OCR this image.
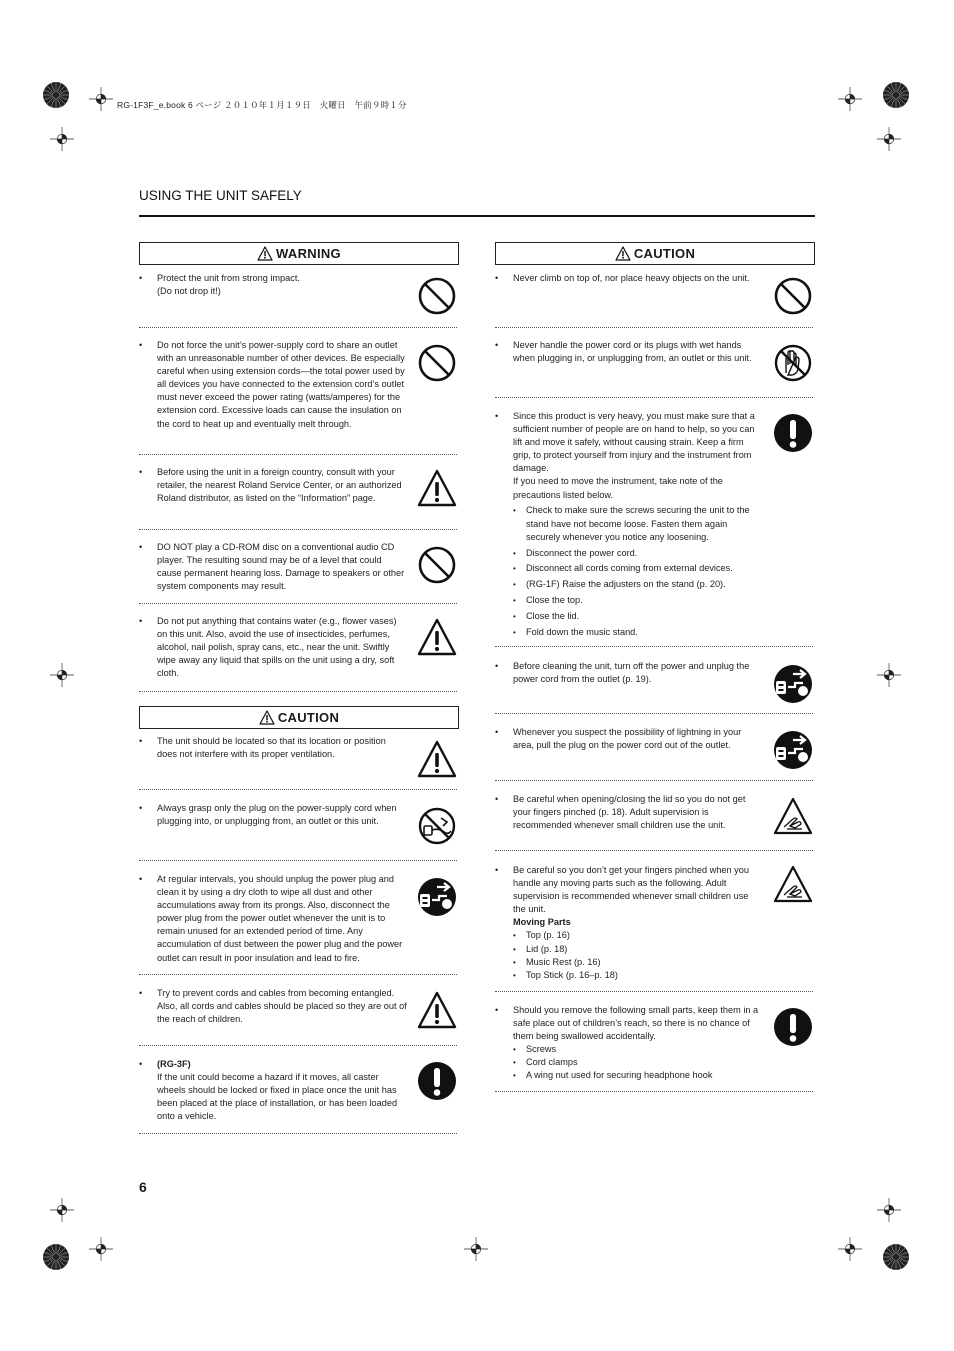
RG-1F3F_e.book 6 ページ ２０１０年１月１９日　火曜日　午前９時１分
USING THE UNIT SAFELY
WARNING
• Protect the unit from strong impact.
(Do not drop it!)
• Do not force the unit’s power-supply cord to share an outlet with an unreasonable number of other devices. Be especially careful when using extension cords—the total power used by all devices you have connected to the extension cord’s outlet must never exceed the power rating (watts/amperes) for the extension cord. Excessive loads can cause the insulation on the cord to heat up and eventually melt through.
• Before using the unit in a foreign country, consult with your retailer, the nearest Roland Service Center, or an authorized Roland distributor, as listed on the “Information” page.
• DO NOT play a CD-ROM disc on a conventional audio CD player. The resulting sound may be of a level that could cause permanent hearing loss. Damage to speakers or other system components may result.
• Do not put anything that contains water (e.g., flower vases) on this unit. Also, avoid the use of insecticides, perfumes, alcohol, nail polish, spray cans, etc., near the unit. Swiftly wipe away any liquid that spills on the unit using a dry, soft cloth.
CAUTION
• The unit should be located so that its location or position does not interfere with its proper ventilation.
• Always grasp only the plug on the power-supply cord when plugging into, or unplugging from, an outlet or this unit.
• At regular intervals, you should unplug the power plug and clean it by using a dry cloth to wipe all dust and other accumulations away from its prongs. Also, disconnect the power plug from the power outlet whenever the unit is to remain unused for an extended period of time. Any accumulation of dust between the power plug and the power outlet can result in poor insulation and lead to fire.
• Try to prevent cords and cables from becoming entangled. Also, all cords and cables should be placed so they are out of the reach of children.
• (RG-3F)
If the unit could become a hazard if it moves, all caster wheels should be locked or fixed in place once the unit has been placed at the place of installation, or has been loaded onto a vehicle.
CAUTION
• Never climb on top of, nor place heavy objects on the unit.
• Never handle the power cord or its plugs with wet hands when plugging in, or unplugging from, an outlet or this unit.
• Since this product is very heavy, you must make sure that a sufficient number of people are on hand to help, so you can lift and move it safely, without causing strain. Keep a firm grip, to protect yourself from injury and the instrument from damage.
If you need to move the instrument, take note of the precautions listed below.
• Check to make sure the screws securing the unit to the stand have not become loose. Fasten them again securely whenever you notice any loosening.
• Disconnect the power cord.
• Disconnect all cords coming from external devices.
• (RG-1F) Raise the adjusters on the stand (p. 20).
• Close the top.
• Close the lid.
• Fold down the music stand.
• Before cleaning the unit, turn off the power and unplug the power cord from the outlet (p. 19).
• Whenever you suspect the possibility of lightning in your area, pull the plug on the power cord out of the outlet.
• Be careful when opening/closing the lid so you do not get your fingers pinched (p. 18). Adult supervision is recommended whenever small children use the unit.
• Be careful so you don’t get your fingers pinched when you handle any moving parts such as the following. Adult supervision is recommended whenever small children use the unit.
Moving Parts
• Top (p. 16)
• Lid (p. 18)
• Music Rest (p. 16)
• Top Stick (p. 16–p. 18)
• Should you remove the following small parts, keep them in a safe place out of children’s reach, so there is no chance of them being swallowed accidentally.
• Screws
• Cord clamps
• A wing nut used for securing headphone hook
6
